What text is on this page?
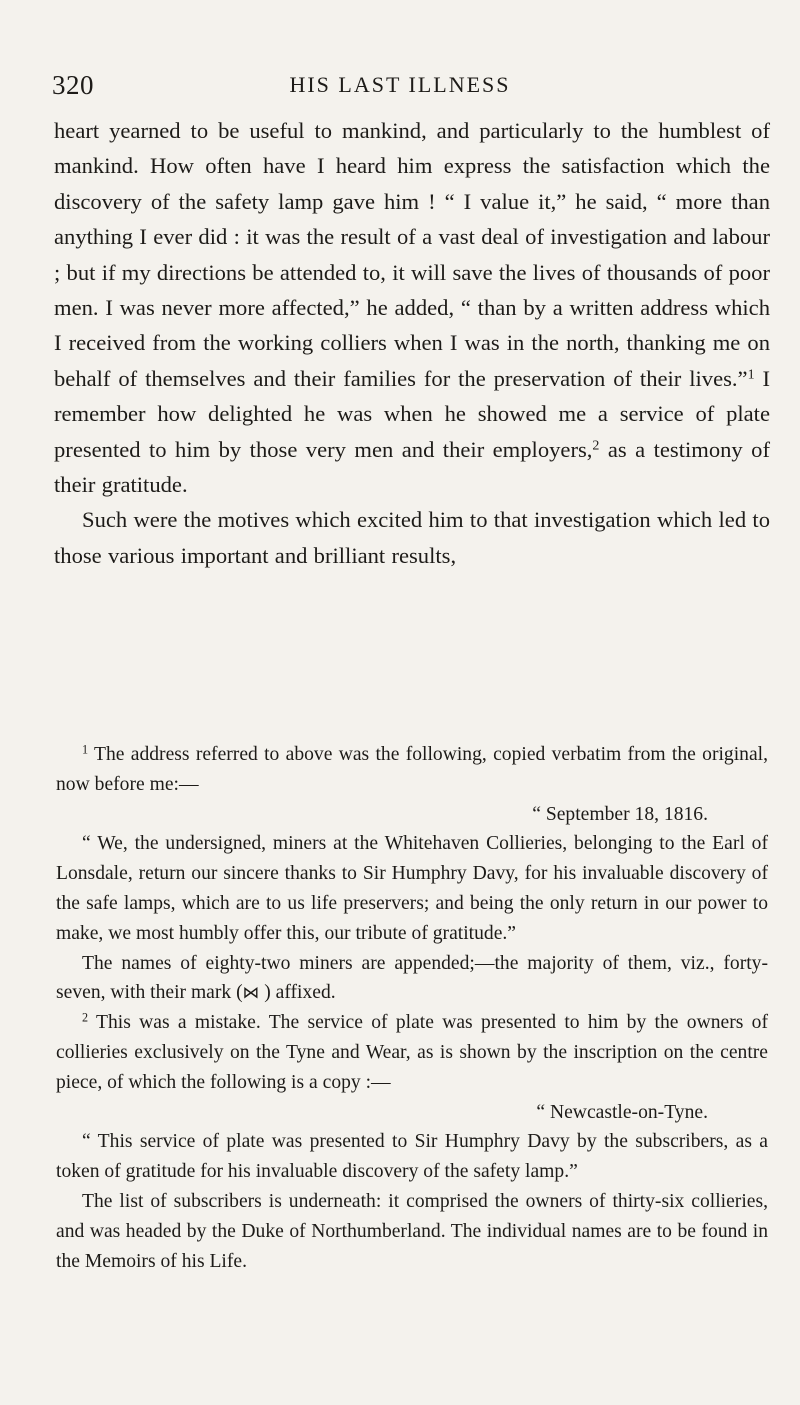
320	HIS LAST ILLNESS

heart yearned to be useful to mankind, and particularly to the humblest of mankind. How often have I heard him express the satisfaction which the discovery of the safety lamp gave him ! “ I value it,” he said, “ more than anything I ever did : it was the result of a vast deal of investigation and labour ; but if my directions be attended to, it will save the lives of thousands of poor men. I was never more affected,” he added, “ than by a written address which I received from the working colliers when I was in the north, thanking me on behalf of themselves and their families for the preservation of their lives.”$^1$ I remember how delighted he was when he showed me a service of plate presented to him by those very men and their employers,$^2$ as a testimony of their gratitude.

Such were the motives which excited him to that investigation which led to those various important and brilliant results,

$^1$ The address referred to above was the following, copied verbatim from the original, now before me:—

“ September 18, 1816.

“ We, the undersigned, miners at the Whitehaven Collieries, belonging to the Earl of Lonsdale, return our sincere thanks to Sir Humphry Davy, for his invaluable discovery of the safe lamps, which are to us life preservers; and being the only return in our power to make, we most humbly offer this, our tribute of gratitude.”

The names of eighty-two miners are appended;—the majority of them, viz., forty-seven, with their mark (⋈ ) affixed.

$^2$ This was a mistake. The service of plate was presented to him by the owners of collieries exclusively on the Tyne and Wear, as is shown by the inscription on the centre piece, of which the following is a copy :—

“ Newcastle-on-Tyne.

“ This service of plate was presented to Sir Humphry Davy by the subscribers, as a token of gratitude for his invaluable discovery of the safety lamp.”

The list of subscribers is underneath: it comprised the owners of thirty-six collieries, and was headed by the Duke of Northumberland. The individual names are to be found in the Memoirs of his Life.
